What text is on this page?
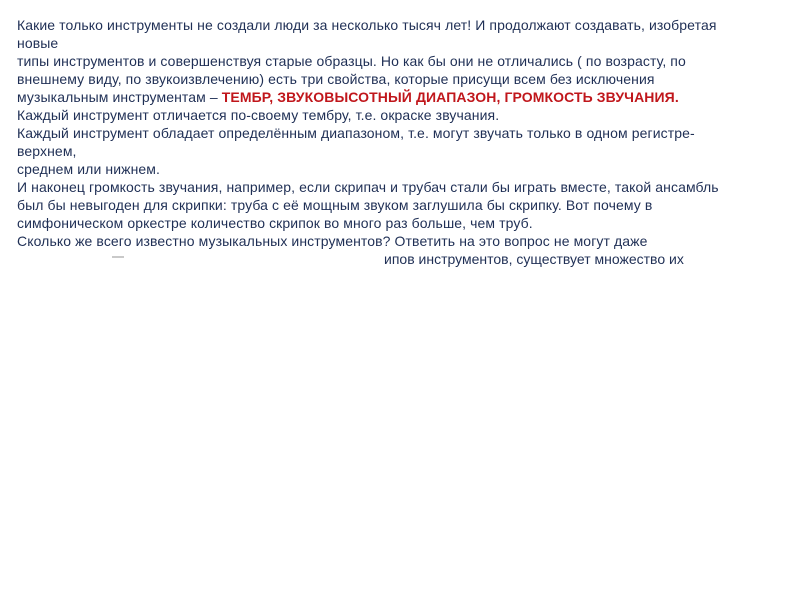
Какие только инструменты не создали люди за несколько тысяч лет! И продолжают создавать, изобретая
новые
типы инструментов и совершенствуя старые образцы. Но как бы они не отличались ( по возрасту, по
внешнему виду, по звукоизвлечению) есть три свойства, которые присущи всем без исключения
музыкальным инструментам – ТЕМБР, ЗВУКОВЫСОТНЫЙ ДИАПАЗОН, ГРОМКОСТЬ ЗВУЧАНИЯ.
Каждый инструмент отличается по-своему тембру, т.е. окраске звучания.
Каждый инструмент обладает определённым диапазоном, т.е. могут звучать только в одном регистре-
верхнем,
среднем или нижнем.
И наконец громкость звучания, например, если скрипач и трубач стали бы играть вместе, такой ансамбль
был бы невыгоден для скрипки: труба с её мощным звуком заглушила бы скрипку. Вот почему в
симфоническом оркестре количество скрипок во много раз больше, чем труб.
Сколько же всего известно музыкальных инструментов? Ответить на это вопрос не могут даже
ипов инструментов, существует множество их
